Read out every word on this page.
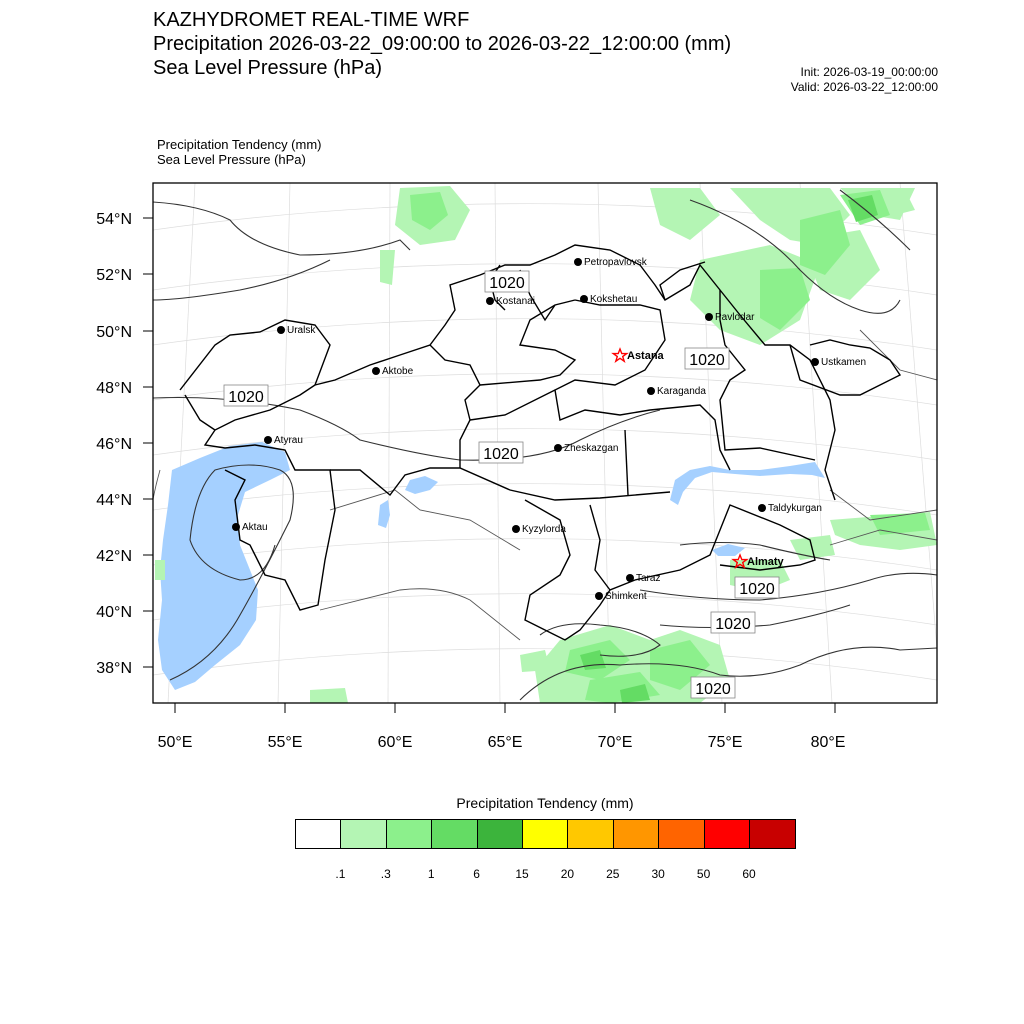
KAZHYDROMET REAL-TIME WRF
Precipitation 2026-03-22_09:00:00 to 2026-03-22_12:00:00 (mm)
Sea Level Pressure (hPa)	Init: 2026-03-19_00:00:00
Valid: 2026-03-22_12:00:00
Precipitation Tendency (mm)
Sea Level Pressure (hPa)
54°N
52°N
50°N
48°N
46°N
44°N
42°N
40°N
38°N
50°E	55°E	60°E	65°E	70°E	75°E	80°E
1020
1020
1020
1020
1020
1020
1020
Petropavlovsk
Kostanai	Kokshetau
Pavlodar
Uralsk
Astana
Ustkamen
Aktobe
Karaganda
Atyrau
Zheskazgan
Taldykurgan
Aktau	Kyzylorda
Almaty
Taraz
Shimkent
Precipitation Tendency (mm)
.1	.3	1	6	15	20	25	30	50	60
